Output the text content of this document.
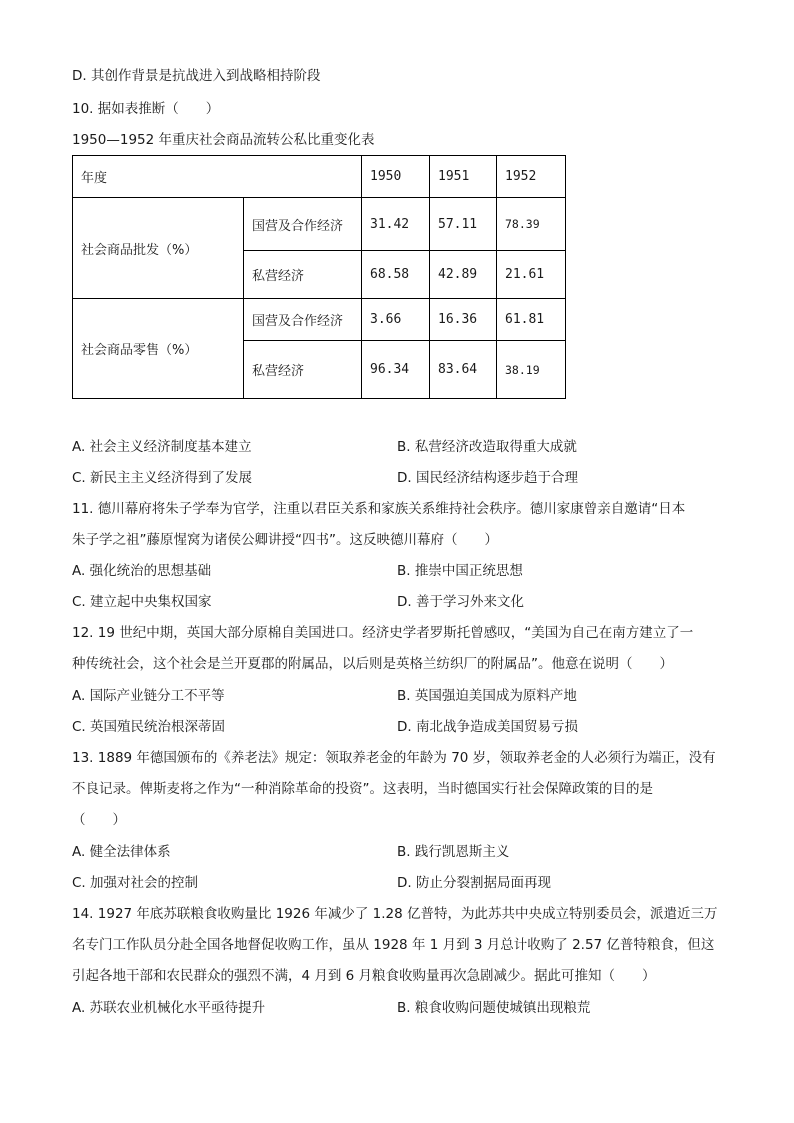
D. 其创作背景是抗战进入到战略相持阶段
10. 据如表推断（　　）
1950—1952 年重庆社会商品流转公私比重变化表
年度		1950	1951	1952
社会商品批发（%）	国营及合作经济	31.42	57.11	78.39
	私营经济	68.58	42.89	21.61
社会商品零售（%）	国营及合作经济	3.66	16.36	61.81
	私营经济	96.34	83.64	38.19
A. 社会主义经济制度基本建立	B. 私营经济改造取得重大成就
C. 新民主主义经济得到了发展	D. 国民经济结构逐步趋于合理
11. 德川幕府将朱子学奉为官学，注重以君臣关系和家族关系维持社会秩序。德川家康曾亲自邀请“日本
朱子学之祖”藤原惺窝为诸侯公卿讲授“四书”。这反映德川幕府（　　）
A. 强化统治的思想基础	B. 推崇中国正统思想
C. 建立起中央集权国家	D. 善于学习外来文化
12. 19 世纪中期，英国大部分原棉自美国进口。经济史学者罗斯托曾感叹，“美国为自己在南方建立了一
种传统社会，这个社会是兰开夏郡的附属品，以后则是英格兰纺织厂的附属品”。他意在说明（　　）
A. 国际产业链分工不平等	B. 英国强迫美国成为原料产地
C. 英国殖民统治根深蒂固	D. 南北战争造成美国贸易亏损
13. 1889 年德国颁布的《养老法》规定：领取养老金的年龄为 70 岁，领取养老金的人必须行为端正，没有
不良记录。俾斯麦将之作为“一种消除革命的投资”。这表明，当时德国实行社会保障政策的目的是
（　　）
A. 健全法律体系	B. 践行凯恩斯主义
C. 加强对社会的控制	D. 防止分裂割据局面再现
14. 1927 年底苏联粮食收购量比 1926 年减少了 1.28 亿普特，为此苏共中央成立特别委员会，派遣近三万
名专门工作队员分赴全国各地督促收购工作，虽从 1928 年 1 月到 3 月总计收购了 2.57 亿普特粮食，但这
引起各地干部和农民群众的强烈不满，4 月到 6 月粮食收购量再次急剧减少。据此可推知（　　）
A. 苏联农业机械化水平亟待提升	B. 粮食收购问题使城镇出现粮荒
